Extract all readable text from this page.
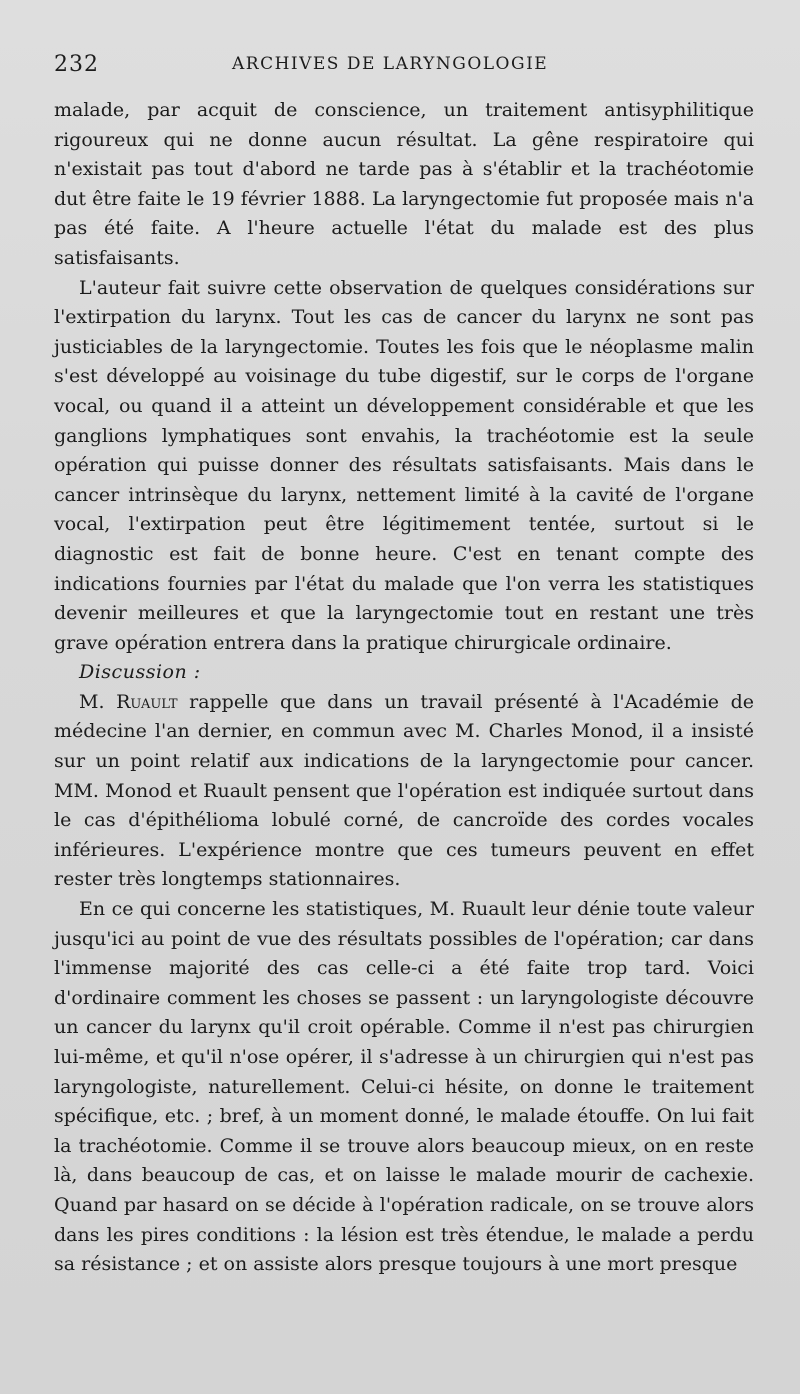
232	ARCHIVES DE LARYNGOLOGIE

malade, par acquit de conscience, un traitement antisyphilitique rigoureux qui ne donne aucun résultat. La gêne respiratoire qui n'existait pas tout d'abord ne tarde pas à s'établir et la trachéotomie dut être faite le 19 février 1888. La laryngectomie fut proposée mais n'a pas été faite. A l'heure actuelle l'état du malade est des plus satisfaisants.

L'auteur fait suivre cette observation de quelques considérations sur l'extirpation du larynx. Tout les cas de cancer du larynx ne sont pas justiciables de la laryngectomie. Toutes les fois que le néoplasme malin s'est développé au voisinage du tube digestif, sur le corps de l'organe vocal, ou quand il a atteint un développement considérable et que les ganglions lymphatiques sont envahis, la trachéotomie est la seule opération qui puisse donner des résultats satisfaisants. Mais dans le cancer intrinsèque du larynx, nettement limité à la cavité de l'organe vocal, l'extirpation peut être légitimement tentée, surtout si le diagnostic est fait de bonne heure. C'est en tenant compte des indications fournies par l'état du malade que l'on verra les statistiques devenir meilleures et que la laryngectomie tout en restant une très grave opération entrera dans la pratique chirurgicale ordinaire.

Discussion :

M. Ruault rappelle que dans un travail présenté à l'Académie de médecine l'an dernier, en commun avec M. Charles Monod, il a insisté sur un point relatif aux indications de la laryngectomie pour cancer. MM. Monod et Ruault pensent que l'opération est indiquée surtout dans le cas d'épithélioma lobulé corné, de cancroïde des cordes vocales inférieures. L'expérience montre que ces tumeurs peuvent en effet rester très longtemps stationnaires.

En ce qui concerne les statistiques, M. Ruault leur dénie toute valeur jusqu'ici au point de vue des résultats possibles de l'opération; car dans l'immense majorité des cas celle-ci a été faite trop tard. Voici d'ordinaire comment les choses se passent : un laryngologiste découvre un cancer du larynx qu'il croit opérable. Comme il n'est pas chirurgien lui-même, et qu'il n'ose opérer, il s'adresse à un chirurgien qui n'est pas laryngologiste, naturellement. Celui-ci hésite, on donne le traitement spécifique, etc. ; bref, à un moment donné, le malade étouffe. On lui fait la trachéotomie. Comme il se trouve alors beaucoup mieux, on en reste là, dans beaucoup de cas, et on laisse le malade mourir de cachexie. Quand par hasard on se décide à l'opération radicale, on se trouve alors dans les pires conditions : la lésion est très étendue, le malade a perdu sa résistance ; et on assiste alors presque toujours à une mort presque
